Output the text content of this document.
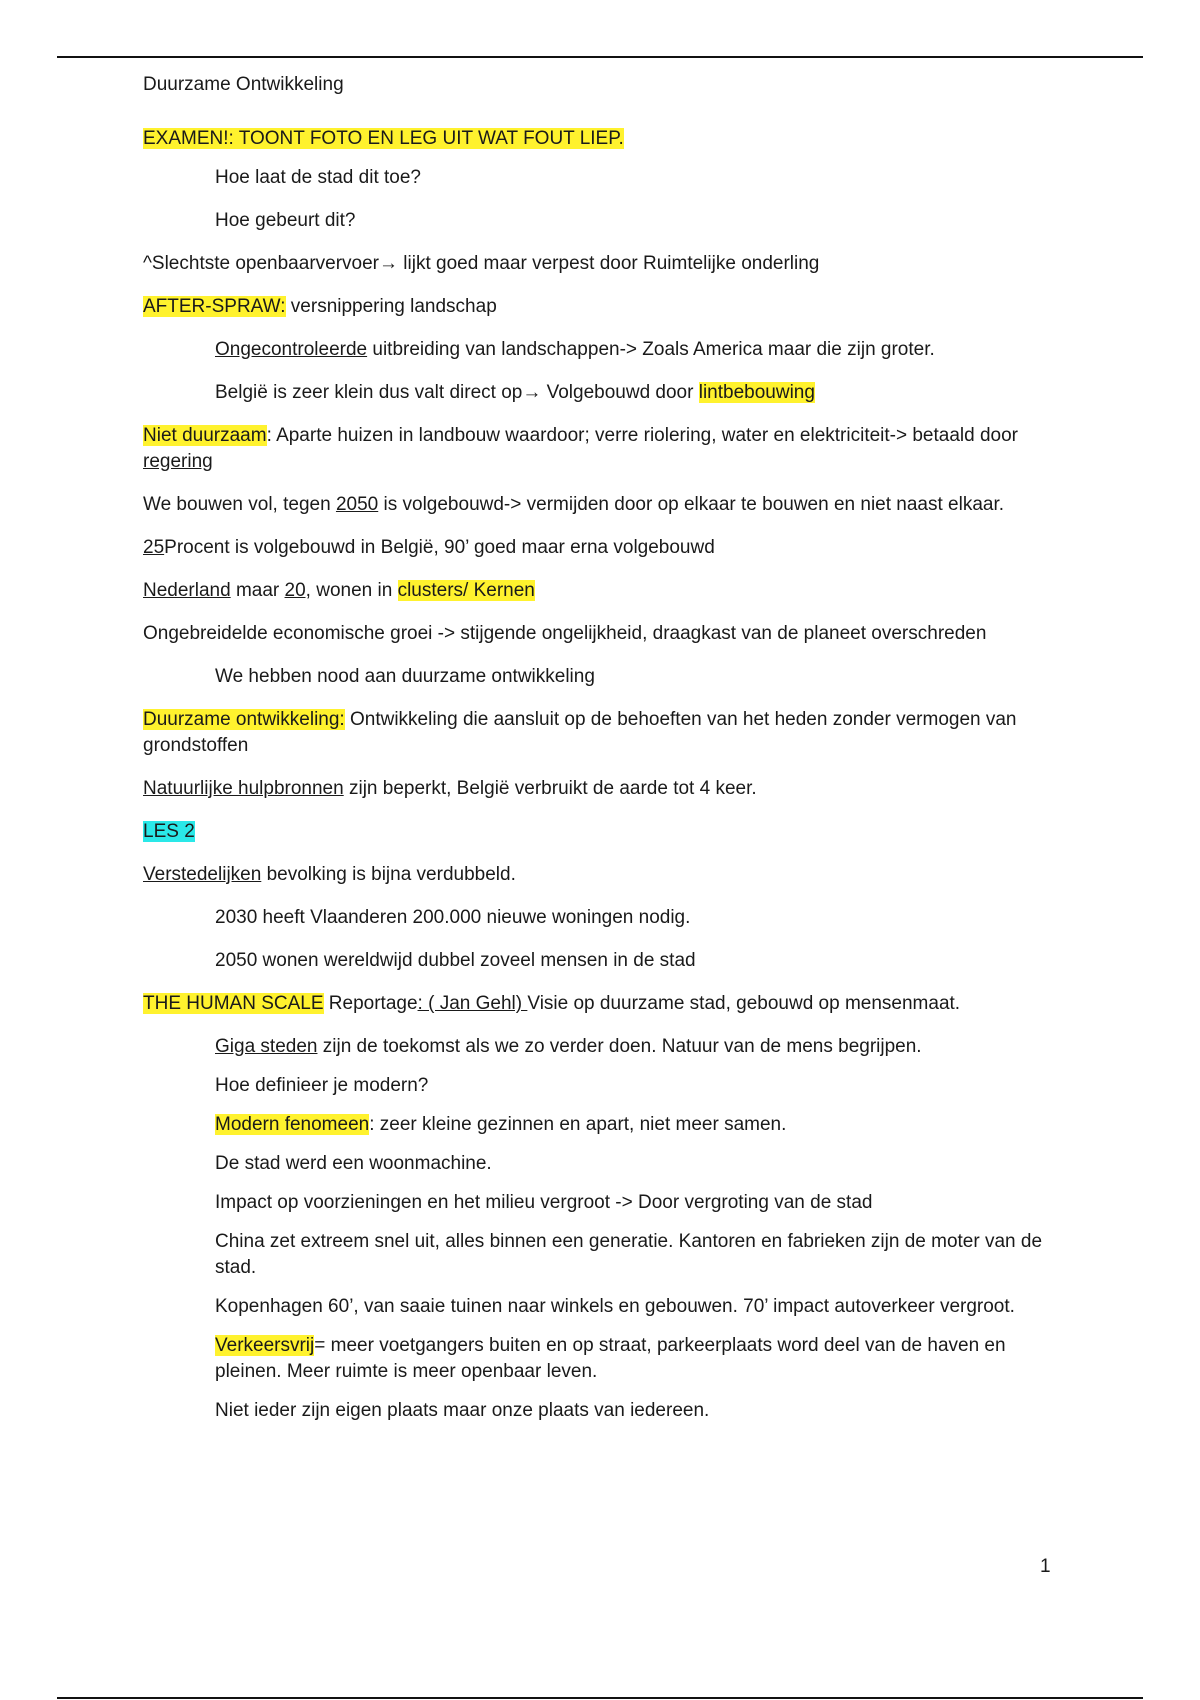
Duurzame Ontwikkeling
EXAMEN!: TOONT FOTO EN LEG UIT WAT FOUT LIEP.
Hoe laat de stad dit toe?
Hoe gebeurt dit?
^Slechtste openbaarvervoer→ lijkt goed maar verpest door Ruimtelijke onderling
AFTER-SPRAW: versnippering landschap
Ongecontroleerde uitbreiding van landschappen-> Zoals America maar die zijn groter.
België is zeer klein dus valt direct op→ Volgebouwd door lintbebouwing
Niet duurzaam: Aparte huizen in landbouw waardoor; verre riolering, water en elektriciteit-> betaald door regering
We bouwen vol, tegen 2050 is volgebouwd-> vermijden door op elkaar te bouwen en niet naast elkaar.
25Procent is volgebouwd in België, 90’ goed maar erna volgebouwd
Nederland maar 20, wonen in clusters/ Kernen
Ongebreidelde economische groei -> stijgende ongelijkheid, draagkast van de planeet overschreden
We hebben nood aan duurzame ontwikkeling
Duurzame ontwikkeling: Ontwikkeling die aansluit op de behoeften van het heden zonder vermogen van grondstoffen
Natuurlijke hulpbronnen zijn beperkt, België verbruikt de aarde tot 4 keer.
LES 2
Verstedelijken bevolking is bijna verdubbeld.
2030 heeft Vlaanderen 200.000 nieuwe woningen nodig.
2050 wonen wereldwijd dubbel zoveel mensen in de stad
THE HUMAN SCALE Reportage: ( Jan Gehl) Visie op duurzame stad, gebouwd op mensenmaat.
Giga steden zijn de toekomst als we zo verder doen. Natuur van de mens begrijpen.
Hoe definieer je modern?
Modern fenomeen: zeer kleine gezinnen en apart, niet meer samen.
De stad werd een woonmachine.
Impact op voorzieningen en het milieu vergroot -> Door vergroting van de stad
China zet extreem snel uit, alles binnen een generatie. Kantoren en fabrieken zijn de moter van de stad.
Kopenhagen 60’, van saaie tuinen naar winkels en gebouwen. 70’ impact autoverkeer vergroot.
Verkeersvrij= meer voetgangers buiten en op straat, parkeerplaats word deel van de haven en pleinen. Meer ruimte is meer openbaar leven.
Niet ieder zijn eigen plaats maar onze plaats van iedereen.
1
